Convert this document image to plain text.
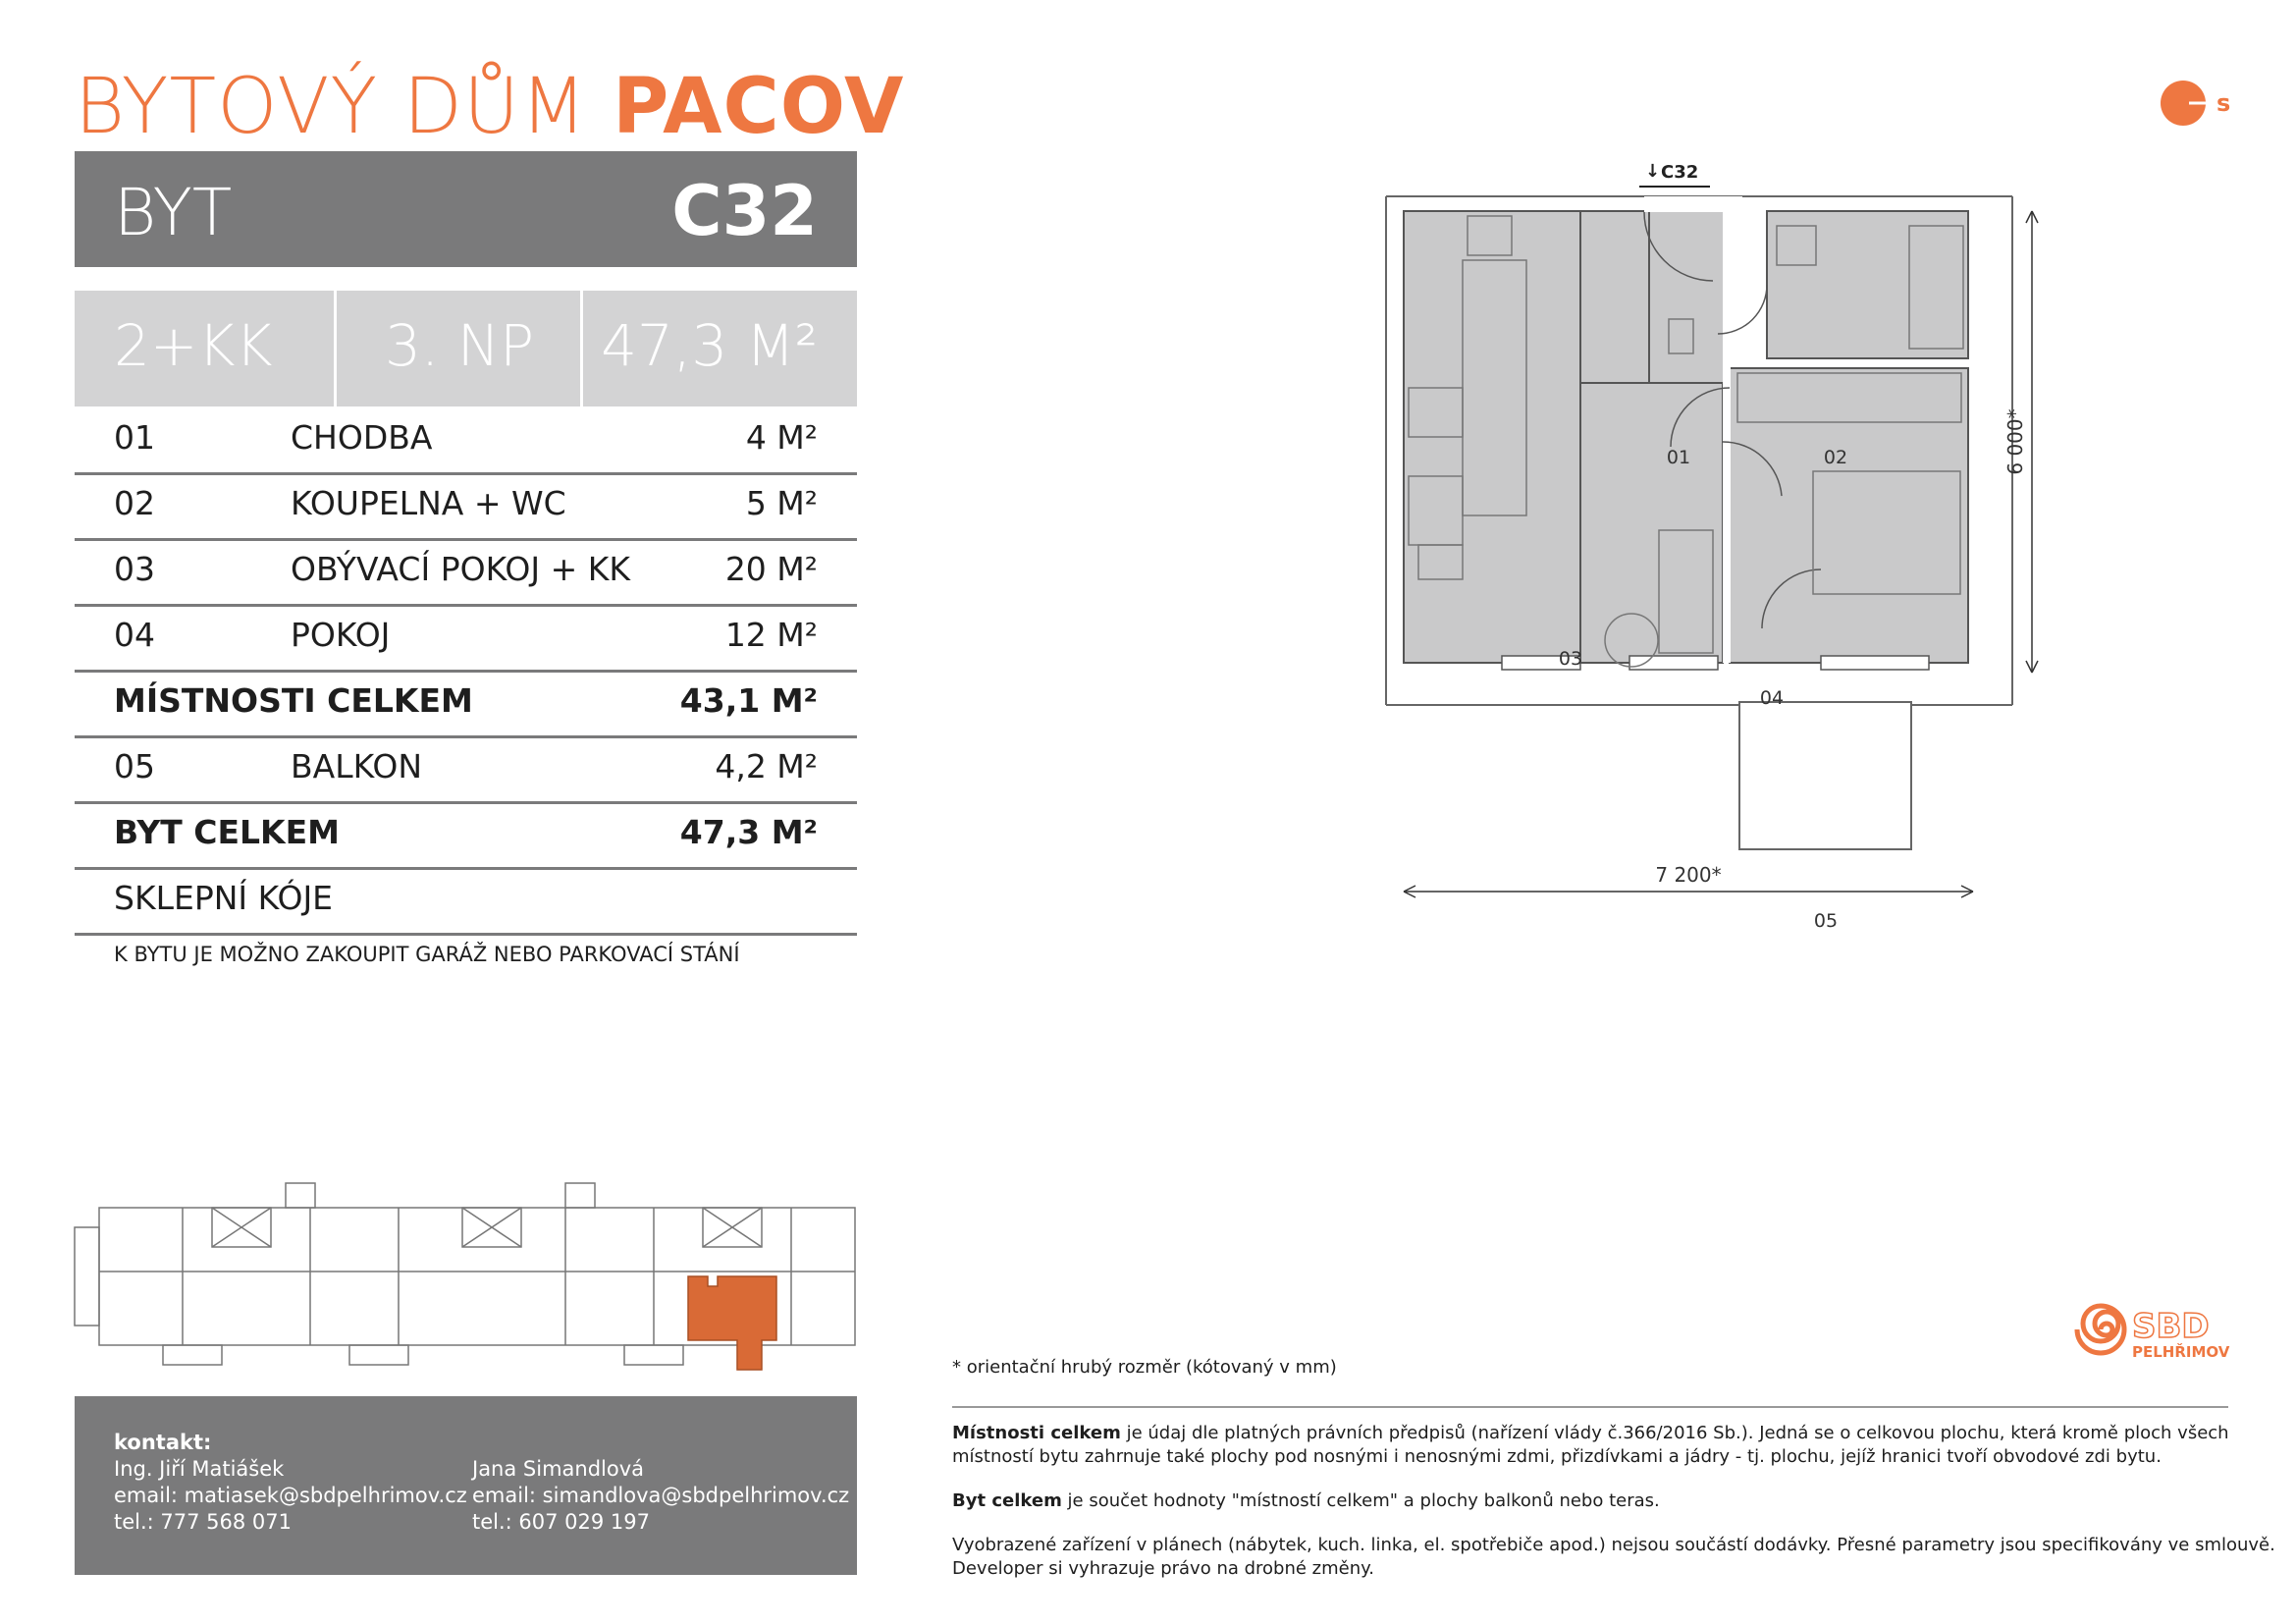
BYTOVÝ DŮM PACOV	s
BYT	C32
2+KK 3. NP 47,3 M²
01	CHODBA	4 M²
02	KOUPELNA + WC	5 M²
03	OBÝVACÍ POKOJ + KK	20 M²
04	POKOJ	12 M²
MÍSTNOSTI CELKEM	43,1 M²
05	BALKON	4,2 M²
BYT CELKEM	47,3 M²
SKLEPNÍ KÓJE
K BYTU JE MOŽNO ZAKOUPIT GARÁŽ NEBO PARKOVACÍ STÁNÍ
01	02
03
04
05
↓ C32
7 200*
6 000*
kontakt:
Ing. Jiří Matiášek
email: matiasek@sbdpelhrimov.cz
tel.: 777 568 071
Jana Simandlová
email: simandlova@sbdpelhrimov.cz
tel.: 607 029 197
SBD
PELHŘIMOV
* orientační hrubý rozměr (kótovaný v mm)
Místnosti celkem je údaj dle platných právních předpisů (nařízení vlády č.366/2016 Sb.). Jedná se o celkovou plochu, která kromě ploch všech
místností bytu zahrnuje také plochy pod nosnými i nenosnými zdmi, přizdívkami a jádry - tj. plochu, jejíž hranici tvoří obvodové zdi bytu.
Byt celkem je součet hodnoty "místností celkem" a plochy balkonů nebo teras.
Vyobrazené zařízení v plánech (nábytek, kuch. linka, el. spotřebiče apod.) nejsou součástí dodávky. Přesné parametry jsou specifikovány ve smlouvě.
Developer si vyhrazuje právo na drobné změny.
